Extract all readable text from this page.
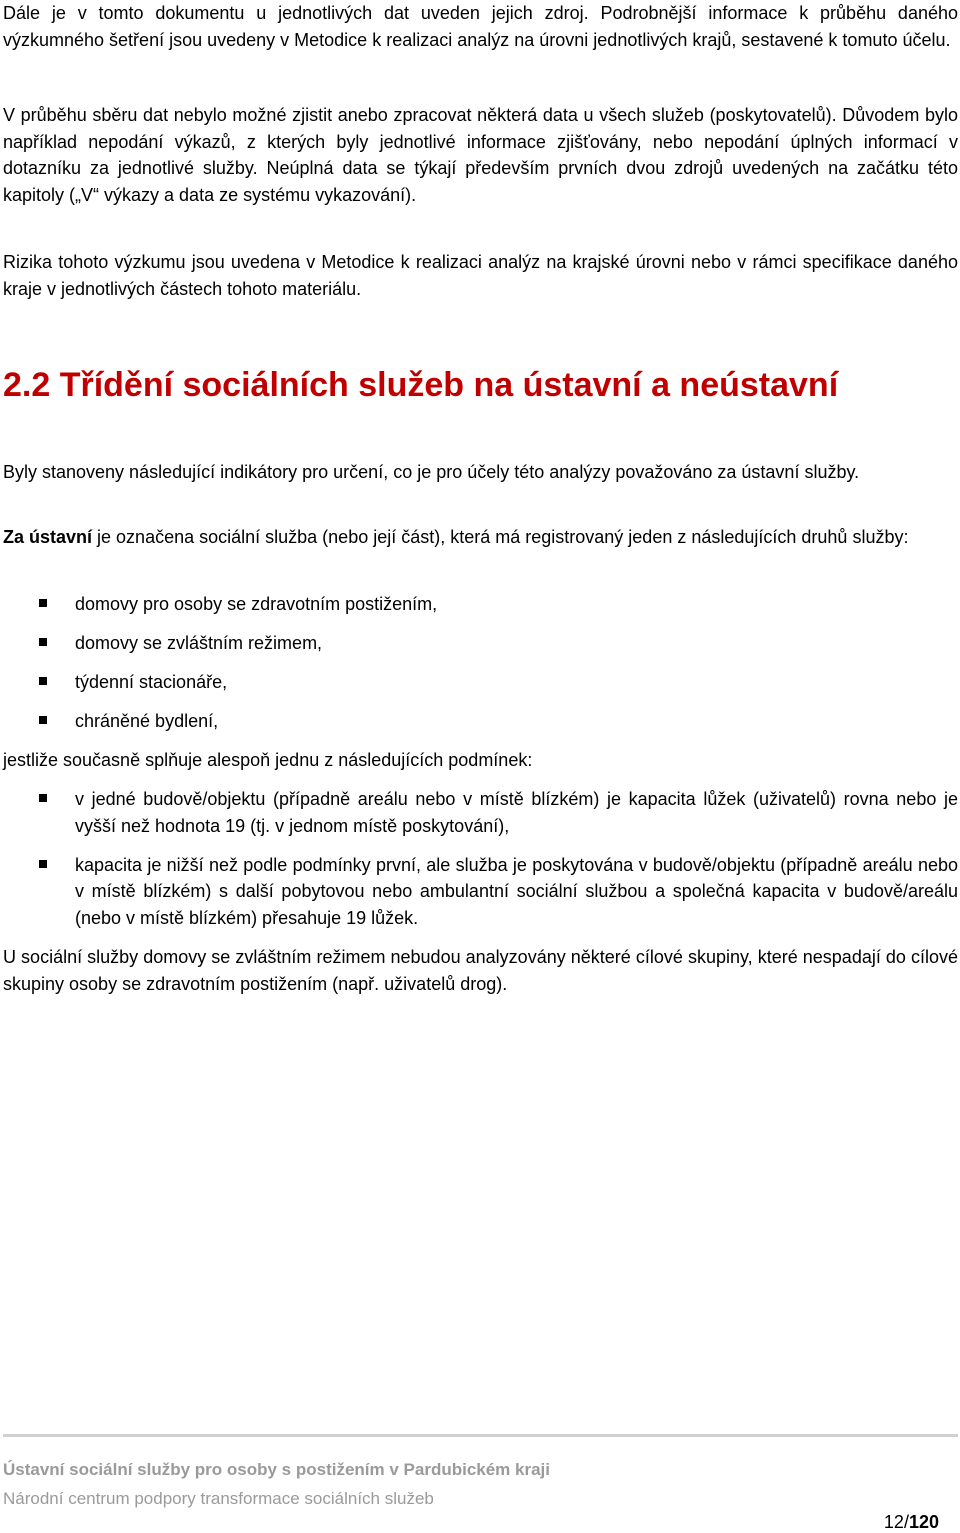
Dále je v tomto dokumentu u jednotlivých dat uveden jejich zdroj. Podrobnější informace k průběhu daného výzkumného šetření jsou uvedeny v Metodice k realizaci analýz na úrovni jednotlivých krajů, sestavené k tomuto účelu.

V průběhu sběru dat nebylo možné zjistit anebo zpracovat některá data u všech služeb (poskytovatelů). Důvodem bylo například nepodání výkazů, z kterých byly jednotlivé informace zjišťovány, nebo nepodání úplných informací v dotazníku za jednotlivé služby. Neúplná data se týkají především prvních dvou zdrojů uvedených na začátku této kapitoly („V“ výkazy a data ze systému vykazování).

Rizika tohoto výzkumu jsou uvedena v Metodice k realizaci analýz na krajské úrovni nebo v rámci specifikace daného kraje v jednotlivých částech tohoto materiálu.

2.2 Třídění sociálních služeb na ústavní a neústavní

Byly stanoveny následující indikátory pro určení, co je pro účely této analýzy považováno za ústavní služby.

Za ústavní je označena sociální služba (nebo její část), která má registrovaný jeden z následujících druhů služby:

domovy pro osoby se zdravotním postižením,
domovy se zvláštním režimem,
týdenní stacionáře,
chráněné bydlení,

jestliže současně splňuje alespoň jednu z následujících podmínek:

v jedné budově/objektu (případně areálu nebo v místě blízkém) je kapacita lůžek (uživatelů) rovna nebo je vyšší než hodnota 19 (tj. v jednom místě poskytování),
kapacita je nižší než podle podmínky první, ale služba je poskytována v budově/objektu (případně areálu nebo v místě blízkém) s další pobytovou nebo ambulantní sociální službou a společná kapacita v budově/areálu (nebo v místě blízkém) přesahuje 19 lůžek.

U sociální služby domovy se zvláštním režimem nebudou analyzovány některé cílové skupiny, které nespadají do cílové skupiny osoby se zdravotním postižením (např. uživatelů drog).

Ústavní sociální služby pro osoby s postižením v Pardubickém kraji
Národní centrum podpory transformace sociálních služeb
12/120
